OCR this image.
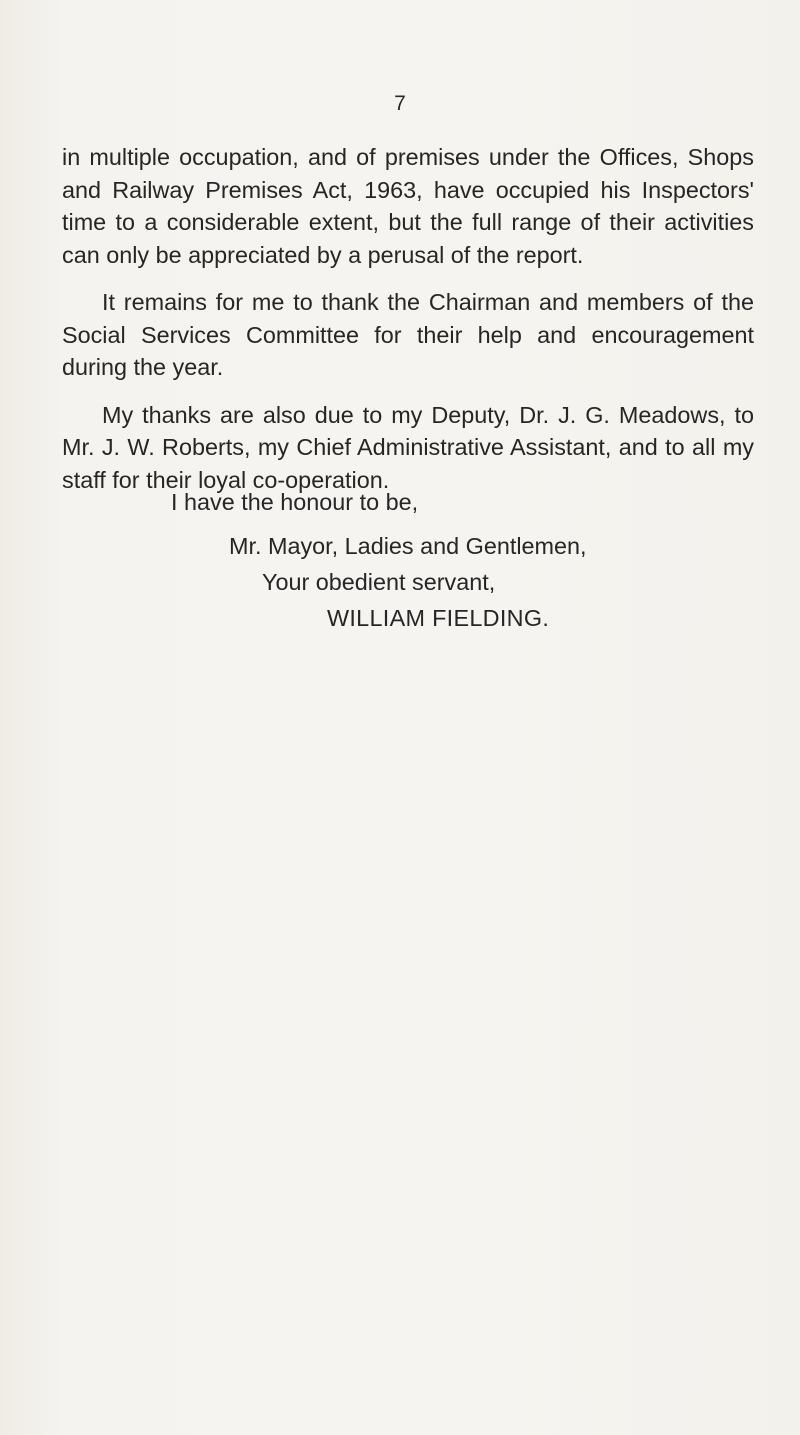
7

in multiple occupation, and of premises under the Offices, Shops and Railway Premises Act, 1963, have occupied his Inspectors' time to a considerable extent, but the full range of their activities can only be appreciated by a perusal of the report.

It remains for me to thank the Chairman and members of the Social Services Committee for their help and encouragement during the year.

My thanks are also due to my Deputy, Dr. J. G. Meadows, to Mr. J. W. Roberts, my Chief Administrative Assistant, and to all my staff for their loyal co-operation.

I have the honour to be,
Mr. Mayor, Ladies and Gentlemen,
Your obedient servant,
WILLIAM FIELDING.
